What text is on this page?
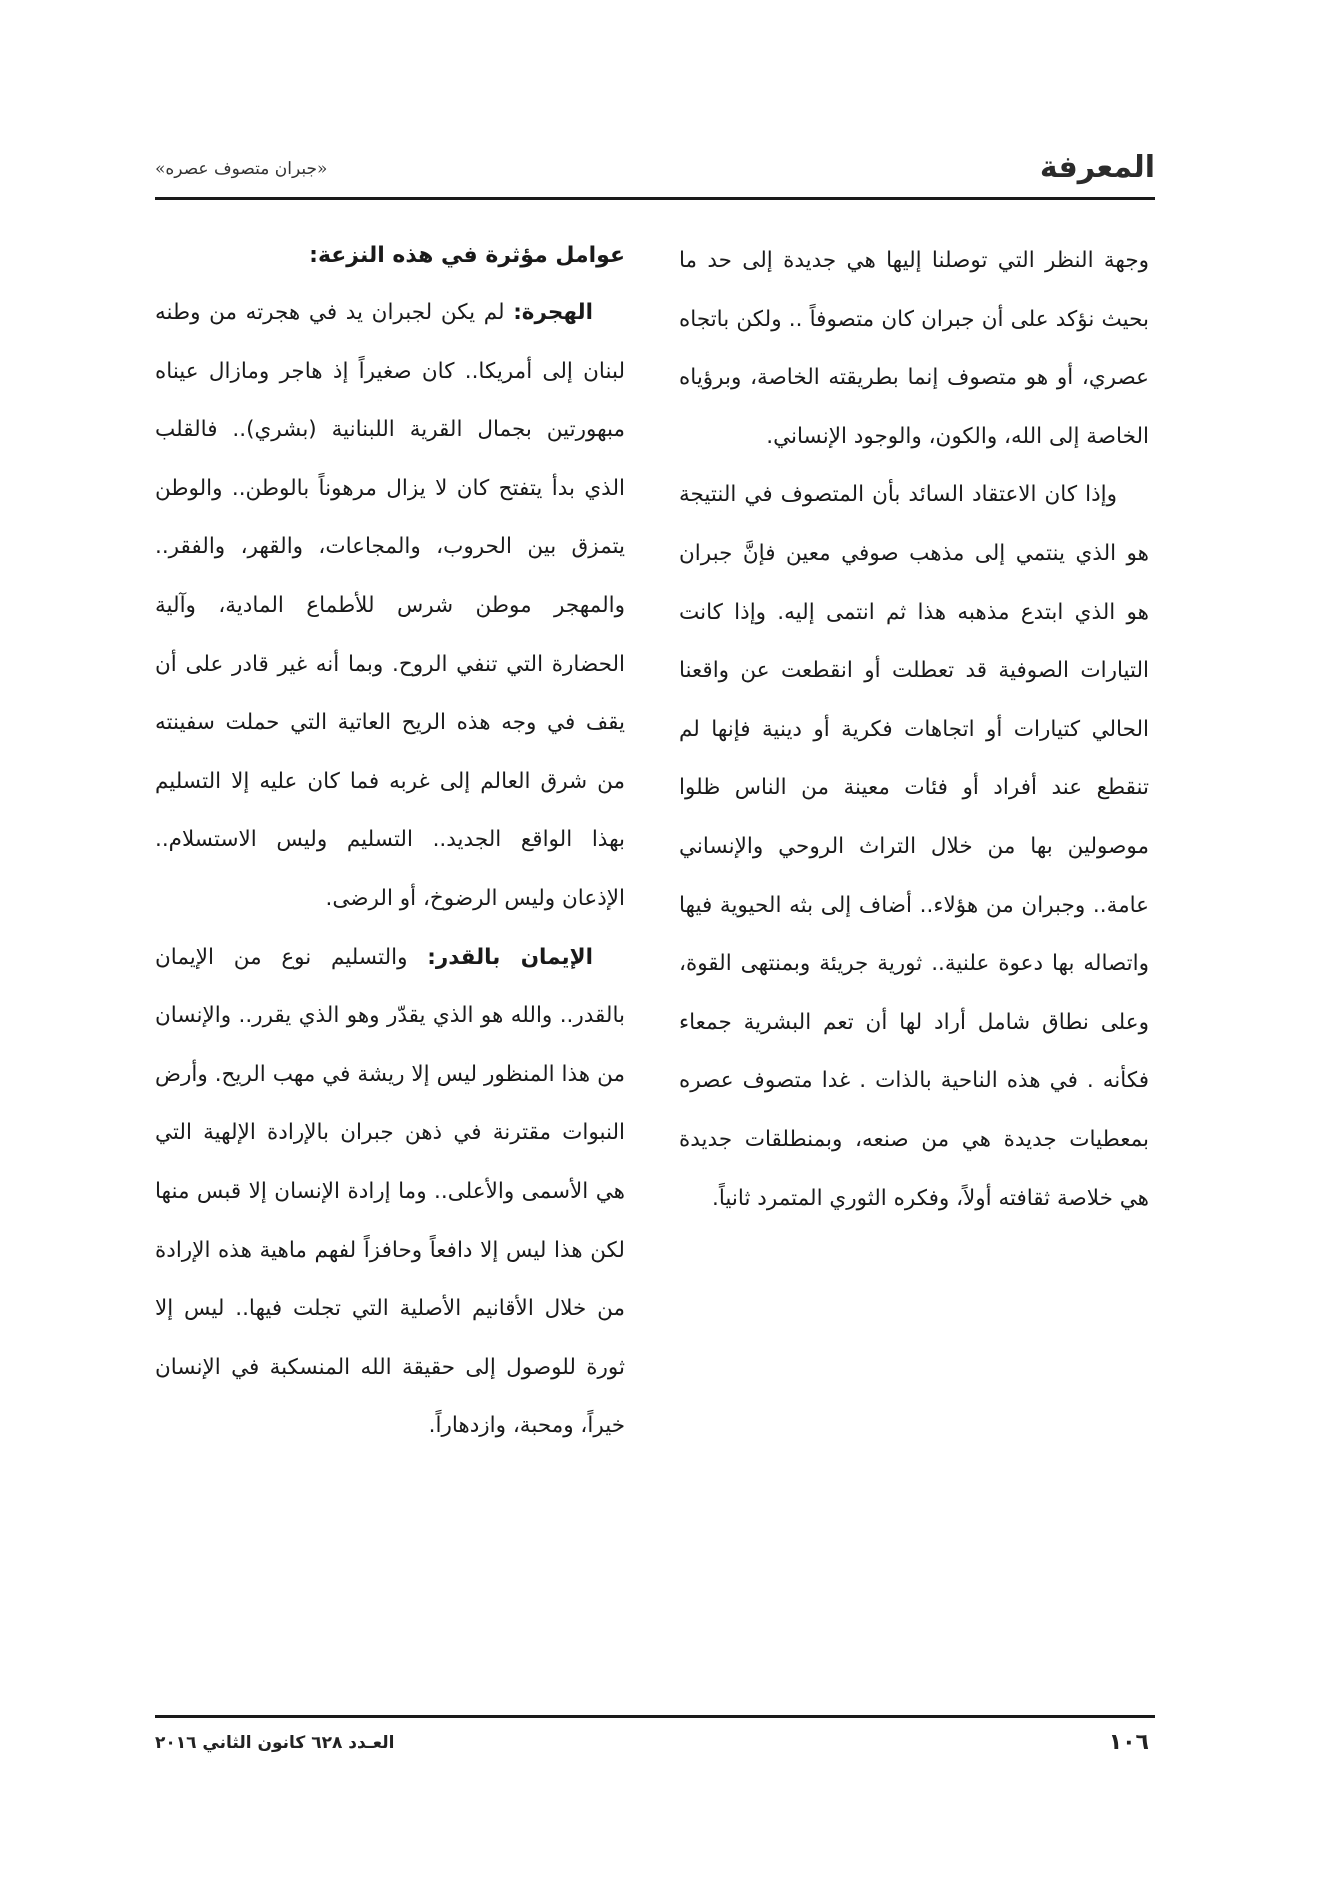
المعرفة
«جبران متصوف عصره»

وجهة النظر التي توصلنا إليها هي جديدة إلى حد ما بحيث نؤكد على أن جبران كان متصوفاً .. ولكن باتجاه عصري، أو هو متصوف إنما بطريقته الخاصة، وبرؤياه الخاصة إلى الله، والكون، والوجود الإنساني.

وإذا كان الاعتقاد السائد بأن المتصوف في النتيجة هو الذي ينتمي إلى مذهب صوفي معين فإنَّ جبران هو الذي ابتدع مذهبه هذا ثم انتمى إليه. وإذا كانت التيارات الصوفية قد تعطلت أو انقطعت عن واقعنا الحالي كتيارات أو اتجاهات فكرية أو دينية فإنها لم تنقطع عند أفراد أو فئات معينة من الناس ظلوا موصولين بها من خلال التراث الروحي والإنساني عامة.. وجبران من هؤلاء.. أضاف إلى بثه الحيوية فيها واتصاله بها دعوة علنية.. ثورية جريئة وبمنتهى القوة، وعلى نطاق شامل أراد لها أن تعم البشرية جمعاء فكأنه . في هذه الناحية بالذات . غدا متصوف عصره بمعطيات جديدة هي من صنعه، وبمنطلقات جديدة هي خلاصة ثقافته أولاً، وفكره الثوري المتمرد ثانياً.

عوامل مؤثرة في هذه النزعة:

الهجرة: لم يكن لجبران يد في هجرته من وطنه لبنان إلى أمريكا.. كان صغيراً إذ هاجر ومازال عيناه مبهورتين بجمال القرية اللبنانية (بشري).. فالقلب الذي بدأ يتفتح كان لا يزال مرهوناً بالوطن.. والوطن يتمزق بين الحروب، والمجاعات، والقهر، والفقر.. والمهجر موطن شرس للأطماع المادية، وآلية الحضارة التي تنفي الروح. وبما أنه غير قادر على أن يقف في وجه هذه الريح العاتية التي حملت سفينته من شرق العالم إلى غربه فما كان عليه إلا التسليم بهذا الواقع الجديد.. التسليم وليس الاستسلام.. الإذعان وليس الرضوخ، أو الرضى.

الإيمان بالقدر: والتسليم نوع من الإيمان بالقدر.. والله هو الذي يقدّر وهو الذي يقرر.. والإنسان من هذا المنظور ليس إلا ريشة في مهب الريح. وأرض النبوات مقترنة في ذهن جبران بالإرادة الإلهية التي هي الأسمى والأعلى.. وما إرادة الإنسان إلا قبس منها لكن هذا ليس إلا دافعاً وحافزاً لفهم ماهية هذه الإرادة من خلال الأقانيم الأصلية التي تجلت فيها.. ليس إلا ثورة للوصول إلى حقيقة الله المنسكبة في الإنسان خيراً، ومحبة، وازدهاراً.

١٠٦
العـدد ٦٢٨ كانون الثاني ٢٠١٦
